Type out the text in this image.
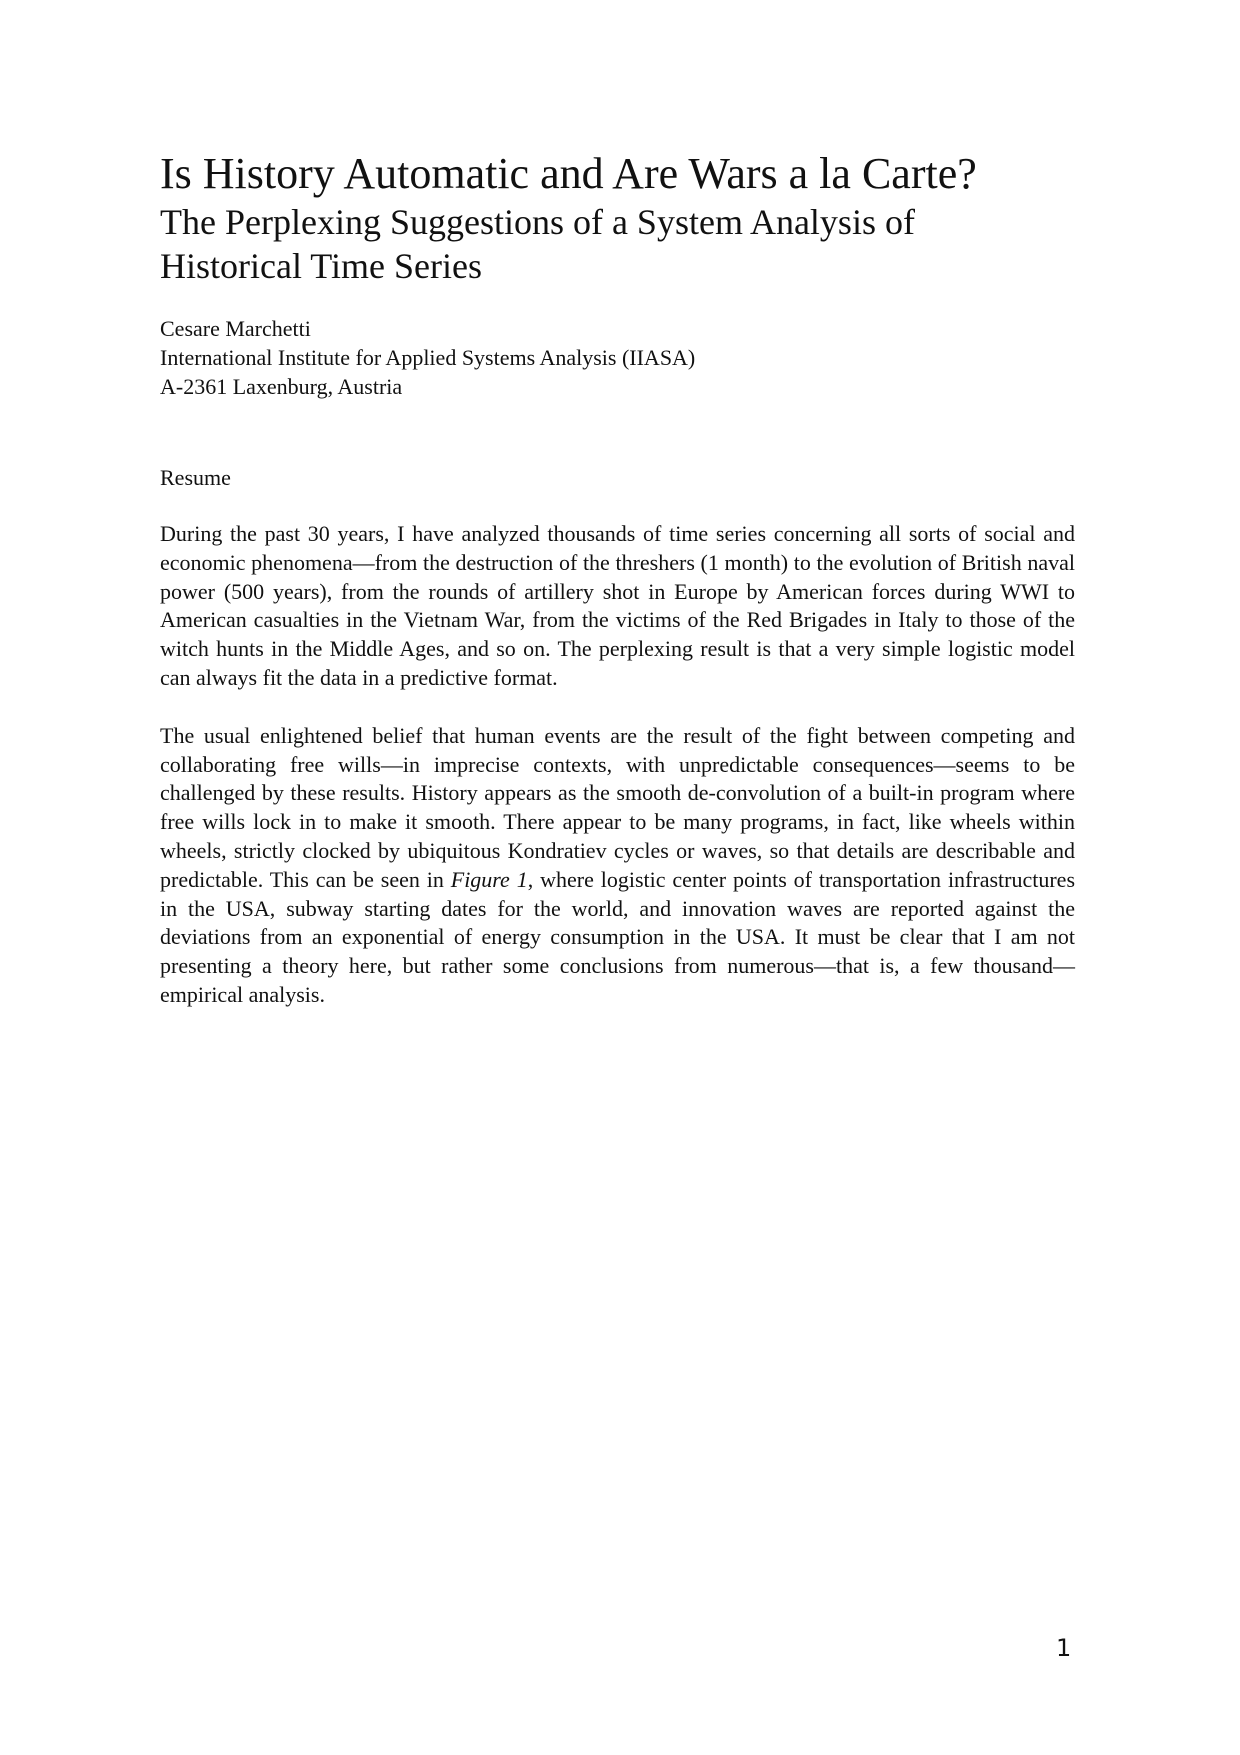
Is History Automatic and Are Wars a la Carte?
The Perplexing Suggestions of a System Analysis of Historical Time Series
Cesare Marchetti
International Institute for Applied Systems Analysis (IIASA)
A-2361 Laxenburg, Austria
Resume

During the past 30 years, I have analyzed thousands of time series concerning all sorts of social and economic phenomena—from the destruction of the threshers (1 month) to the evolution of British naval power (500 years), from the rounds of artillery shot in Europe by American forces during WWI to American casualties in the Vietnam War, from the victims of the Red Brigades in Italy to those of the witch hunts in the Middle Ages, and so on. The perplexing result is that a very simple logistic model can always fit the data in a predictive format.

The usual enlightened belief that human events are the result of the fight between competing and collaborating free wills—in imprecise contexts, with unpredictable consequences—seems to be challenged by these results. History appears as the smooth de-convolution of a built-in program where free wills lock in to make it smooth. There appear to be many programs, in fact, like wheels within wheels, strictly clocked by ubiquitous Kondratiev cycles or waves, so that details are describable and predictable. This can be seen in Figure 1, where logistic center points of transportation infrastructures in the USA, subway starting dates for the world, and innovation waves are reported against the deviations from an exponential of energy consumption in the USA. It must be clear that I am not presenting a theory here, but rather some conclusions from numerous—that is, a few thousand—empirical analysis.

1
